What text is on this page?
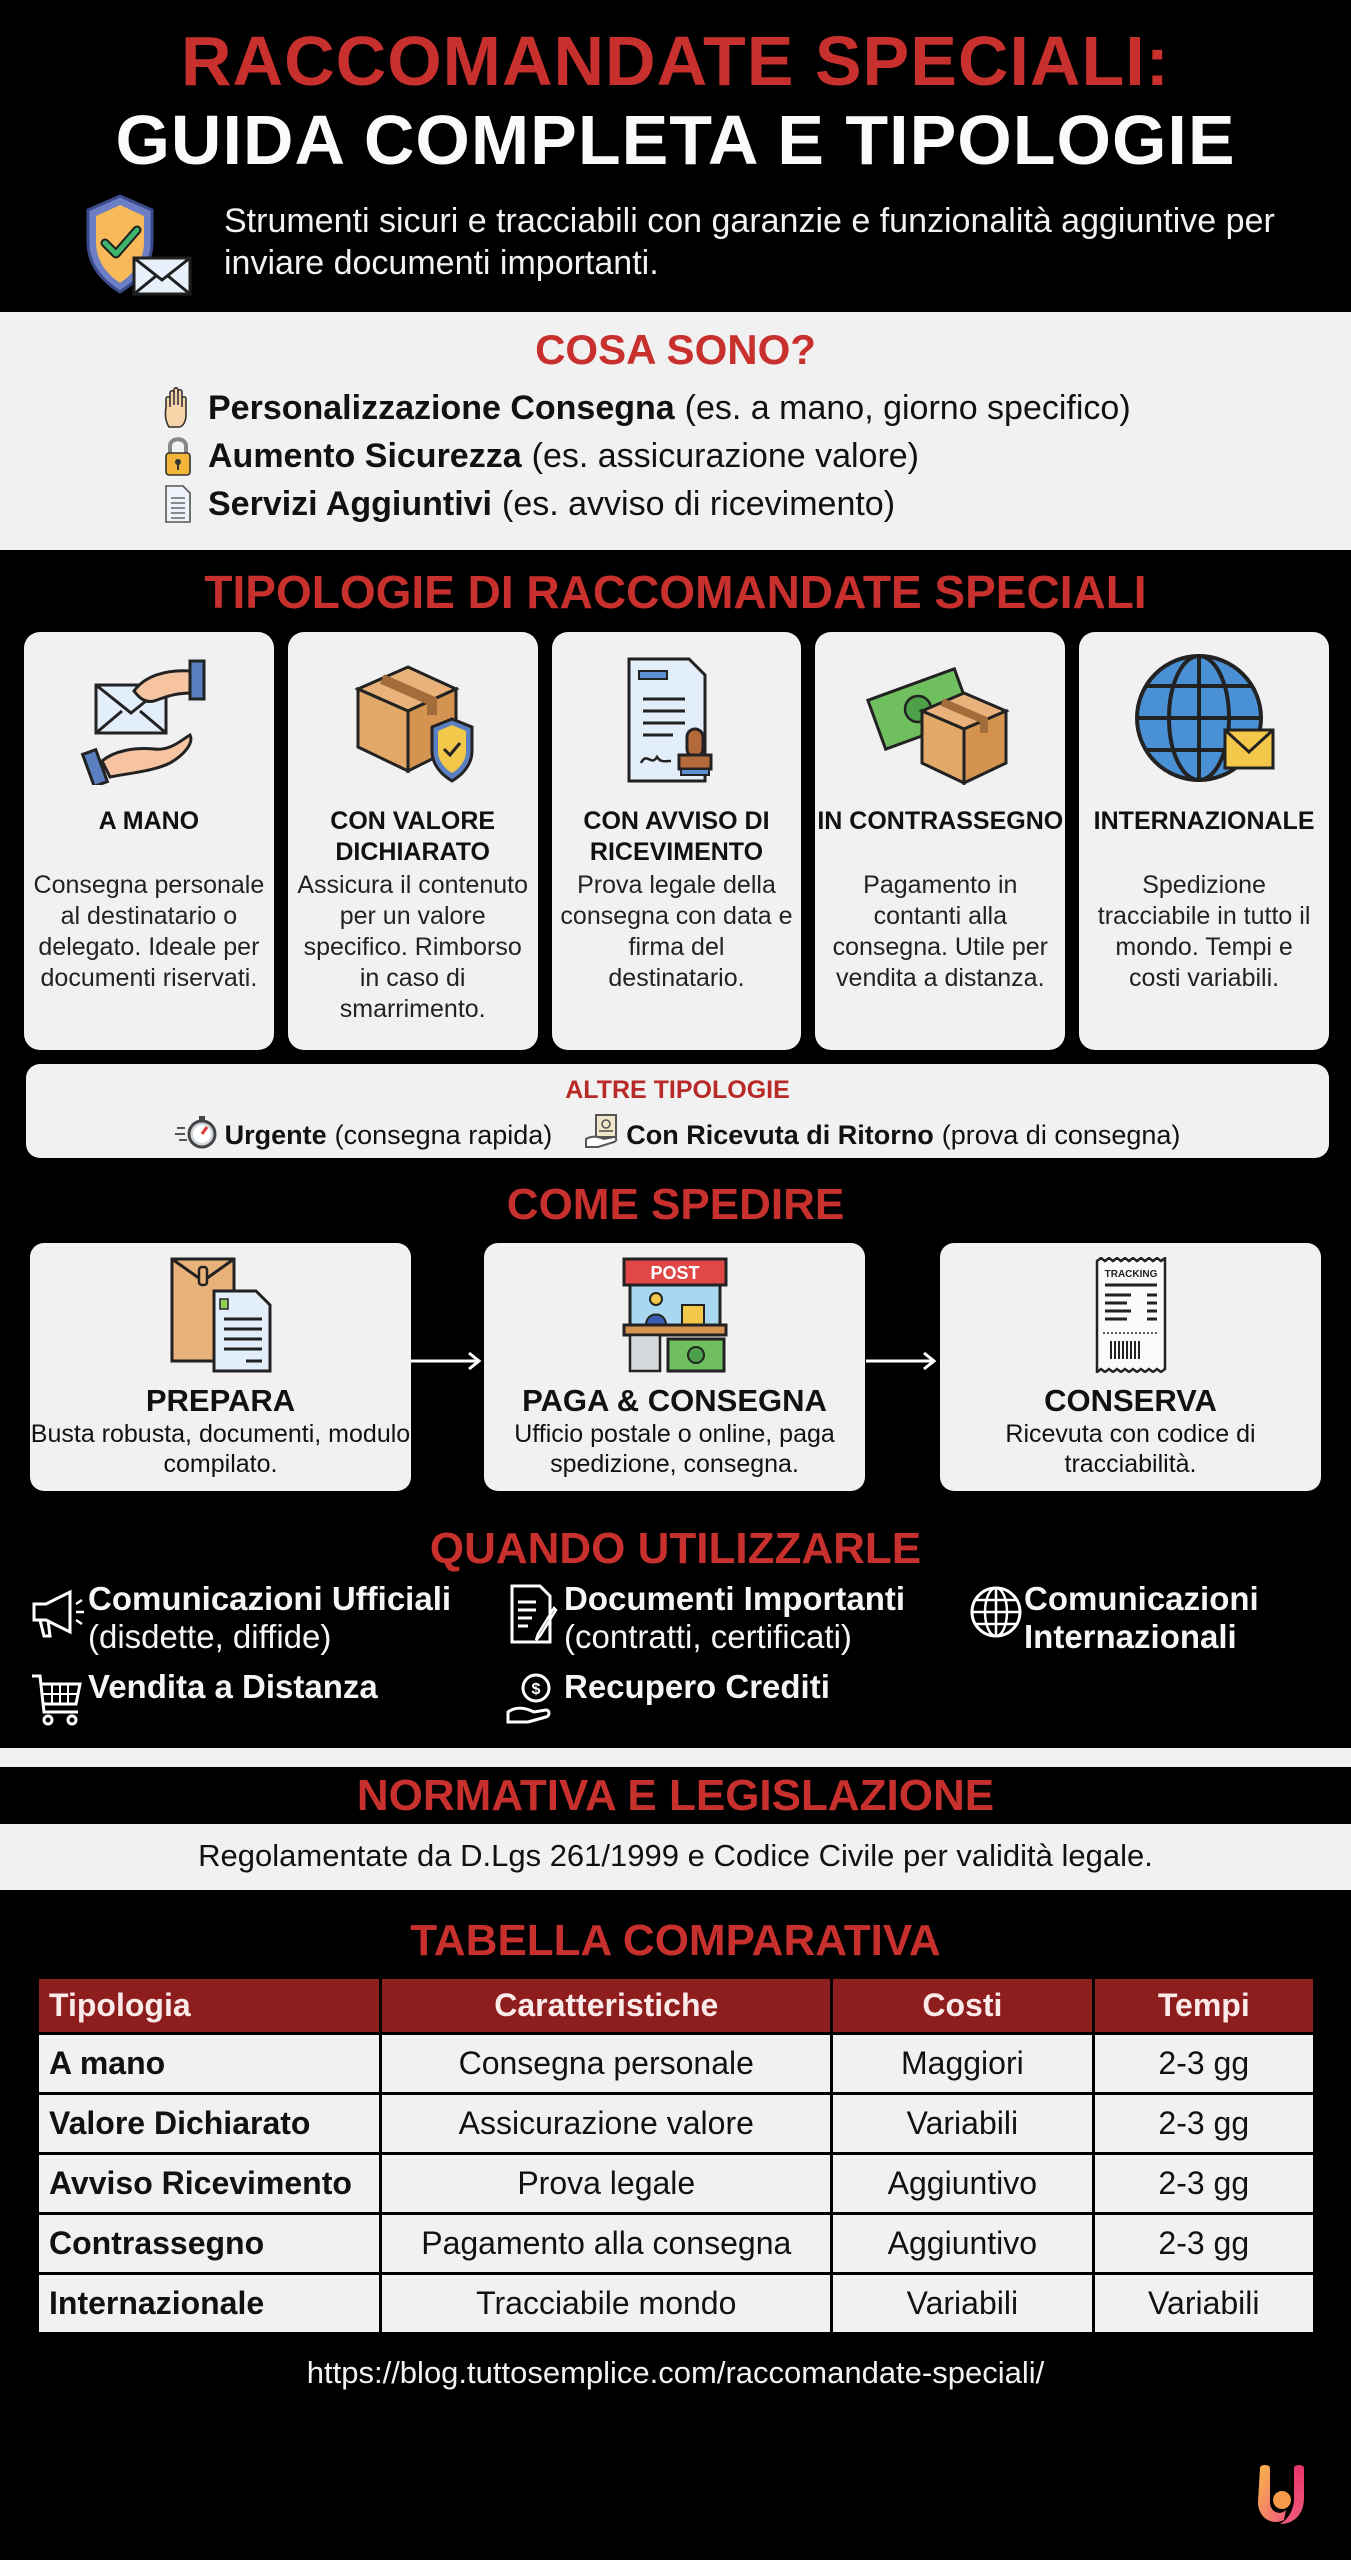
RACCOMANDATE SPECIALI:
GUIDA COMPLETA E TIPOLOGIE
Strumenti sicuri e tracciabili con garanzie e funzionalità aggiuntive per inviare documenti importanti.
COSA SONO?
Personalizzazione Consegna (es. a mano, giorno specifico)
Aumento Sicurezza (es. assicurazione valore)
Servizi Aggiuntivi (es. avviso di ricevimento)
TIPOLOGIE DI RACCOMANDATE SPECIALI
A MANO
Consegna personale al destinatario o delegato. Ideale per documenti riservati.
CON VALORE DICHIARATO
Assicura il contenuto per un valore specifico. Rimborso in caso di smarrimento.
CON AVVISO DI RICEVIMENTO
Prova legale della consegna con data e firma del destinatario.
IN CONTRASSEGNO
Pagamento in contanti alla consegna. Utile per vendita a distanza.
INTERNAZIONALE
Spedizione tracciabile in tutto il mondo. Tempi e costi variabili.
ALTRE TIPOLOGIE
Urgente (consegna rapida)	Con Ricevuta di Ritorno (prova di consegna)
COME SPEDIRE
PREPARA
Busta robusta, documenti, modulo compilato.
POST
PAGA & CONSEGNA
Ufficio postale o online, paga spedizione, consegna.
TRACKING
CONSERVA
Ricevuta con codice di tracciabilità.
QUANDO UTILIZZARLE
Comunicazioni Ufficiali
(disdette, diffide)
Documenti Importanti
(contratti, certificati)
Comunicazioni Internazionali
Vendita a Distanza	$ Recupero Crediti
NORMATIVA E LEGISLAZIONE
Regolamentate da D.Lgs 261/1999 e Codice Civile per validità legale.
TABELLA COMPARATIVA
Tipologia	Caratteristiche	Costi	Tempi
A mano	Consegna personale	Maggiori	2-3 gg
Valore Dichiarato	Assicurazione valore	Variabili	2-3 gg
Avviso Ricevimento	Prova legale	Aggiuntivo	2-3 gg
Contrassegno	Pagamento alla consegna	Aggiuntivo	2-3 gg
Internazionale	Tracciabile mondo	Variabili	Variabili
https://blog.tuttosemplice.com/raccomandate-speciali/
